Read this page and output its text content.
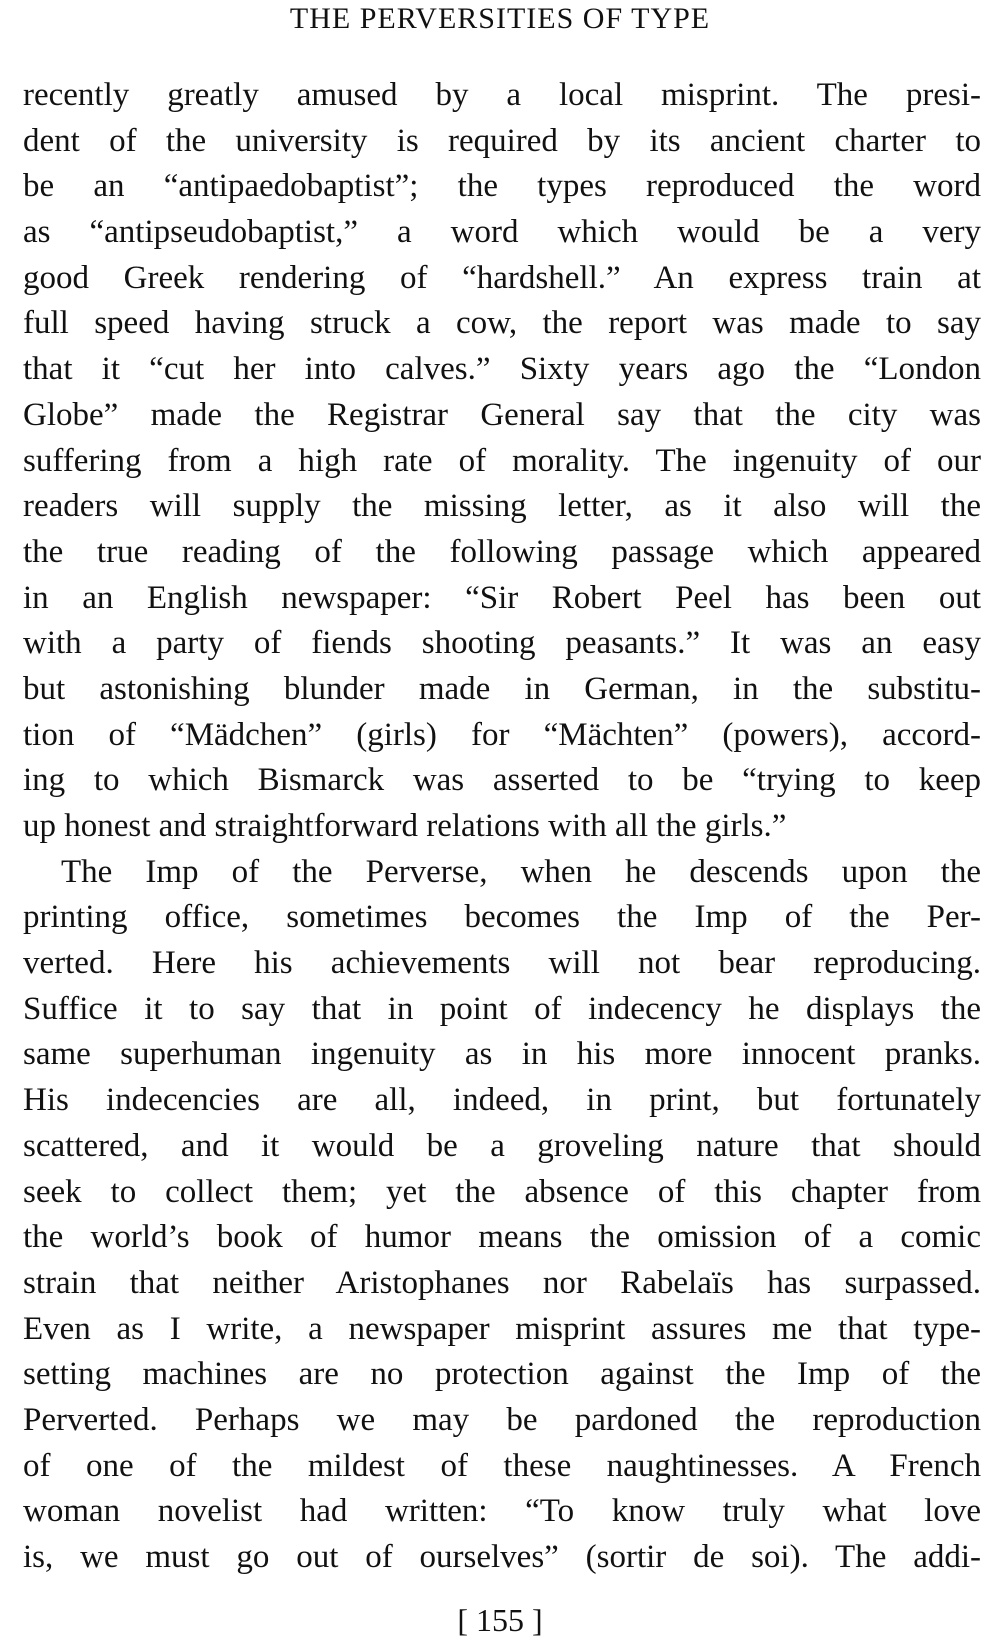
THE PERVERSITIES OF TYPE
recently greatly amused by a local misprint. The presi-
dent of the university is required by its ancient charter to
be an “antipaedobaptist”; the types reproduced the word
as “antipseudobaptist,” a word which would be a very
good Greek rendering of “hardshell.” An express train at
full speed having struck a cow, the report was made to say
that it “cut her into calves.” Sixty years ago the “London
Globe” made the Registrar General say that the city was
suffering from a high rate of morality. The ingenuity of our
readers will supply the missing letter, as it also will the
the true reading of the following passage which appeared
in an English newspaper: “Sir Robert Peel has been out
with a party of fiends shooting peasants.” It was an easy
but astonishing blunder made in German, in the substitu-
tion of “Mädchen” (girls) for “Mächten” (powers), accord-
ing to which Bismarck was asserted to be “trying to keep
up honest and straightforward relations with all the girls.”
The Imp of the Perverse, when he descends upon the
printing office, sometimes becomes the Imp of the Per-
verted. Here his achievements will not bear reproducing.
Suffice it to say that in point of indecency he displays the
same superhuman ingenuity as in his more innocent pranks.
His indecencies are all, indeed, in print, but fortunately
scattered, and it would be a groveling nature that should
seek to collect them; yet the absence of this chapter from
the world’s book of humor means the omission of a comic
strain that neither Aristophanes nor Rabelaïs has surpassed.
Even as I write, a newspaper misprint assures me that type-
setting machines are no protection against the Imp of the
Perverted. Perhaps we may be pardoned the reproduction
of one of the mildest of these naughtinesses. A French
woman novelist had written: “To know truly what love
is, we must go out of ourselves” (sortir de soi). The addi-
[ 155 ]
